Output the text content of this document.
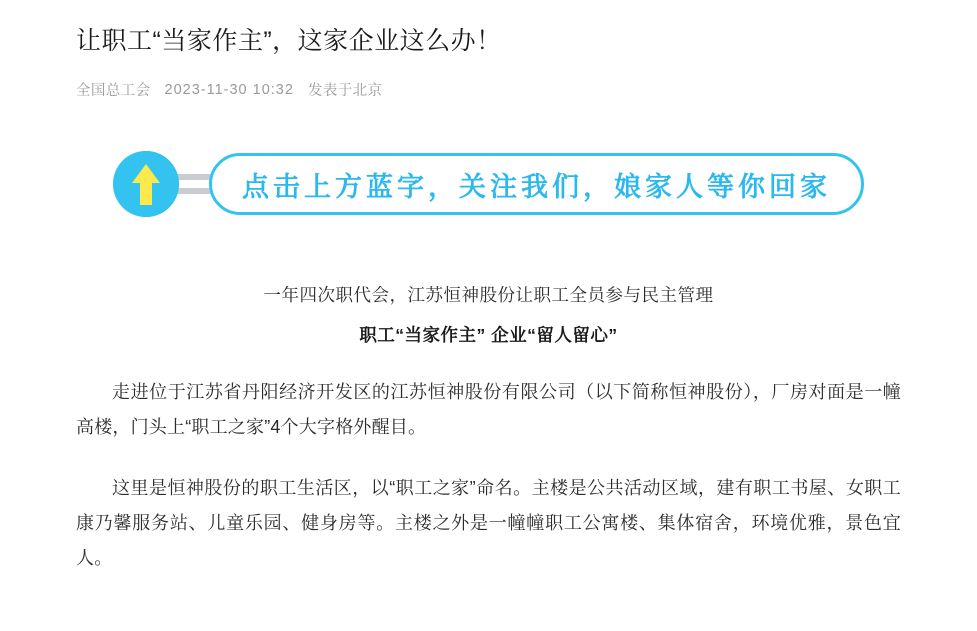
让职工“当家作主”，这家企业这么办！
全国总工会 2023-11-30 10:32 发表于北京
点击上方蓝字，关注我们，娘家人等你回家
一年四次职代会，江苏恒神股份让职工全员参与民主管理
职工“当家作主” 企业“留人留心”

走进位于江苏省丹阳经济开发区的江苏恒神股份有限公司（以下简称恒神股份），厂房对面是一幢高楼，门头上“职工之家”4个大字格外醒目。

这里是恒神股份的职工生活区，以“职工之家”命名。主楼是公共活动区域，建有职工书屋、女职工康乃馨服务站、儿童乐园、健身房等。主楼之外是一幢幢职工公寓楼、集体宿舍，环境优雅，景色宜人。
